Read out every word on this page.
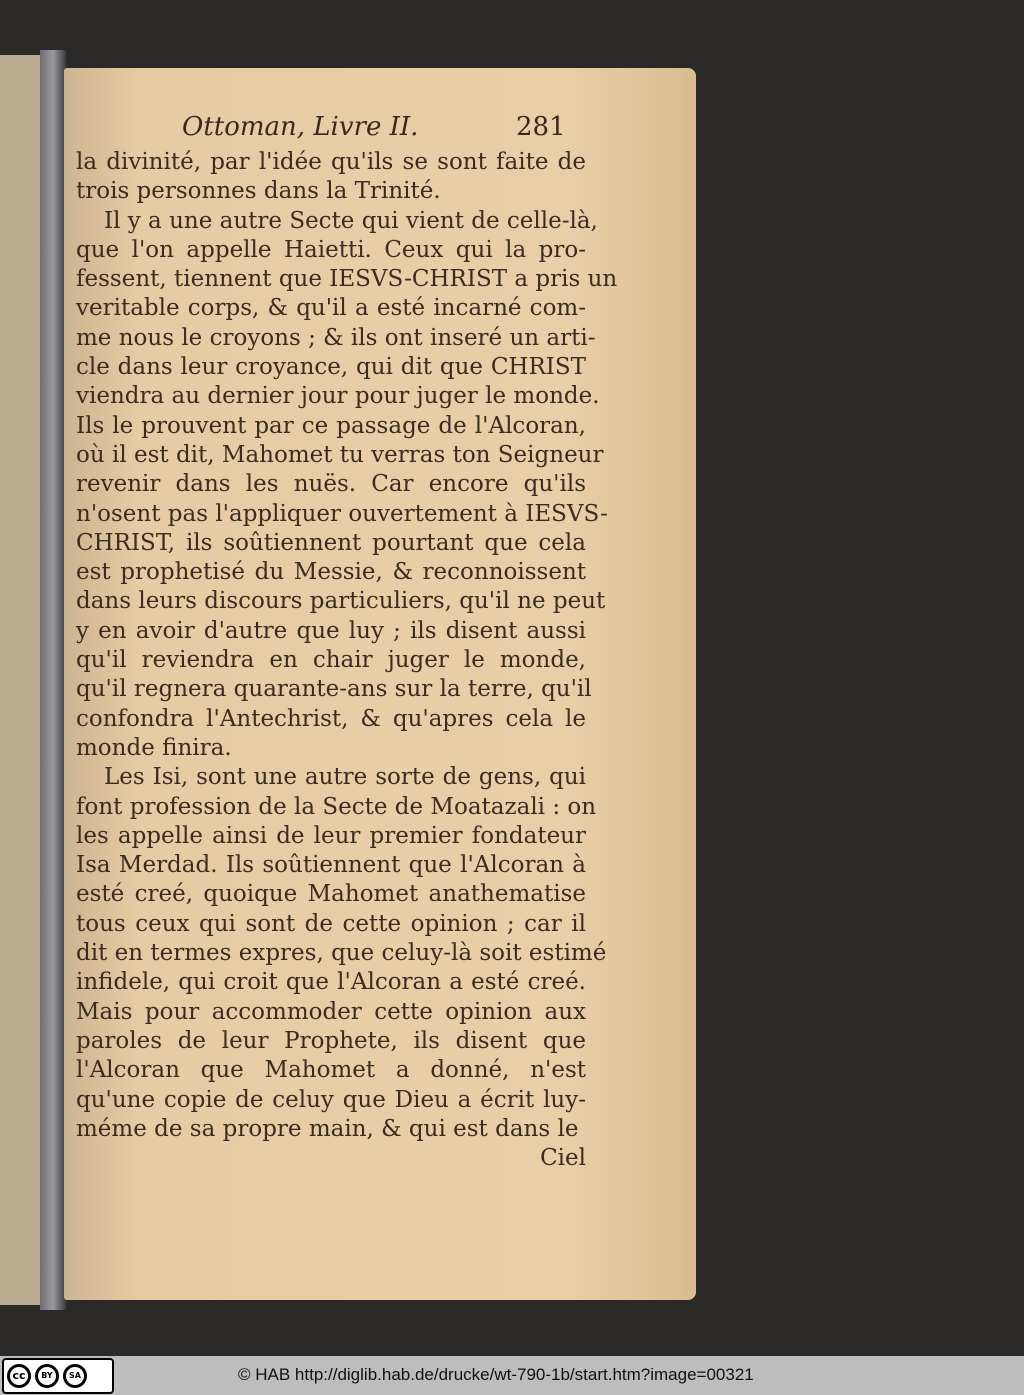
Ottoman, Livre II.	281
la divinité, par l'idée qu'ils se sont faite de
trois personnes dans la Trinité.
Il y a une autre Secte qui vient de celle-là,
que l'on appelle Haietti. Ceux qui la pro-
fessent, tiennent que IESVS-CHRIST a pris un
veritable corps, & qu'il a esté incarné com-
me nous le croyons ; & ils ont inseré un arti-
cle dans leur croyance, qui dit que CHRIST
viendra au dernier jour pour juger le monde.
Ils le prouvent par ce passage de l'Alcoran,
où il est dit, Mahomet tu verras ton Seigneur
revenir dans les nuës. Car encore qu'ils
n'osent pas l'appliquer ouvertement à IESVS-
CHRIST, ils soûtiennent pourtant que cela
est prophetisé du Messie, & reconnoissent
dans leurs discours particuliers, qu'il ne peut
y en avoir d'autre que luy ; ils disent aussi
qu'il reviendra en chair juger le monde,
qu'il regnera quarante-ans sur la terre, qu'il
confondra l'Antechrist, & qu'apres cela le
monde finira.
Les Isi, sont une autre sorte de gens, qui
font profession de la Secte de Moatazali : on
les appelle ainsi de leur premier fondateur
Isa Merdad. Ils soûtiennent que l'Alcoran à
esté creé, quoique Mahomet anathematise
tous ceux qui sont de cette opinion ; car il
dit en termes expres, que celuy-là soit estimé
infidele, qui croit que l'Alcoran a esté creé.
Mais pour accommoder cette opinion aux
paroles de leur Prophete, ils disent que
l'Alcoran que Mahomet a donné, n'est
qu'une copie de celuy que Dieu a écrit luy-
méme de sa propre main, & qui est dans le
Ciel
cc	BY	SA	© HAB http://diglib.hab.de/drucke/wt-790-1b/start.htm?image=00321
